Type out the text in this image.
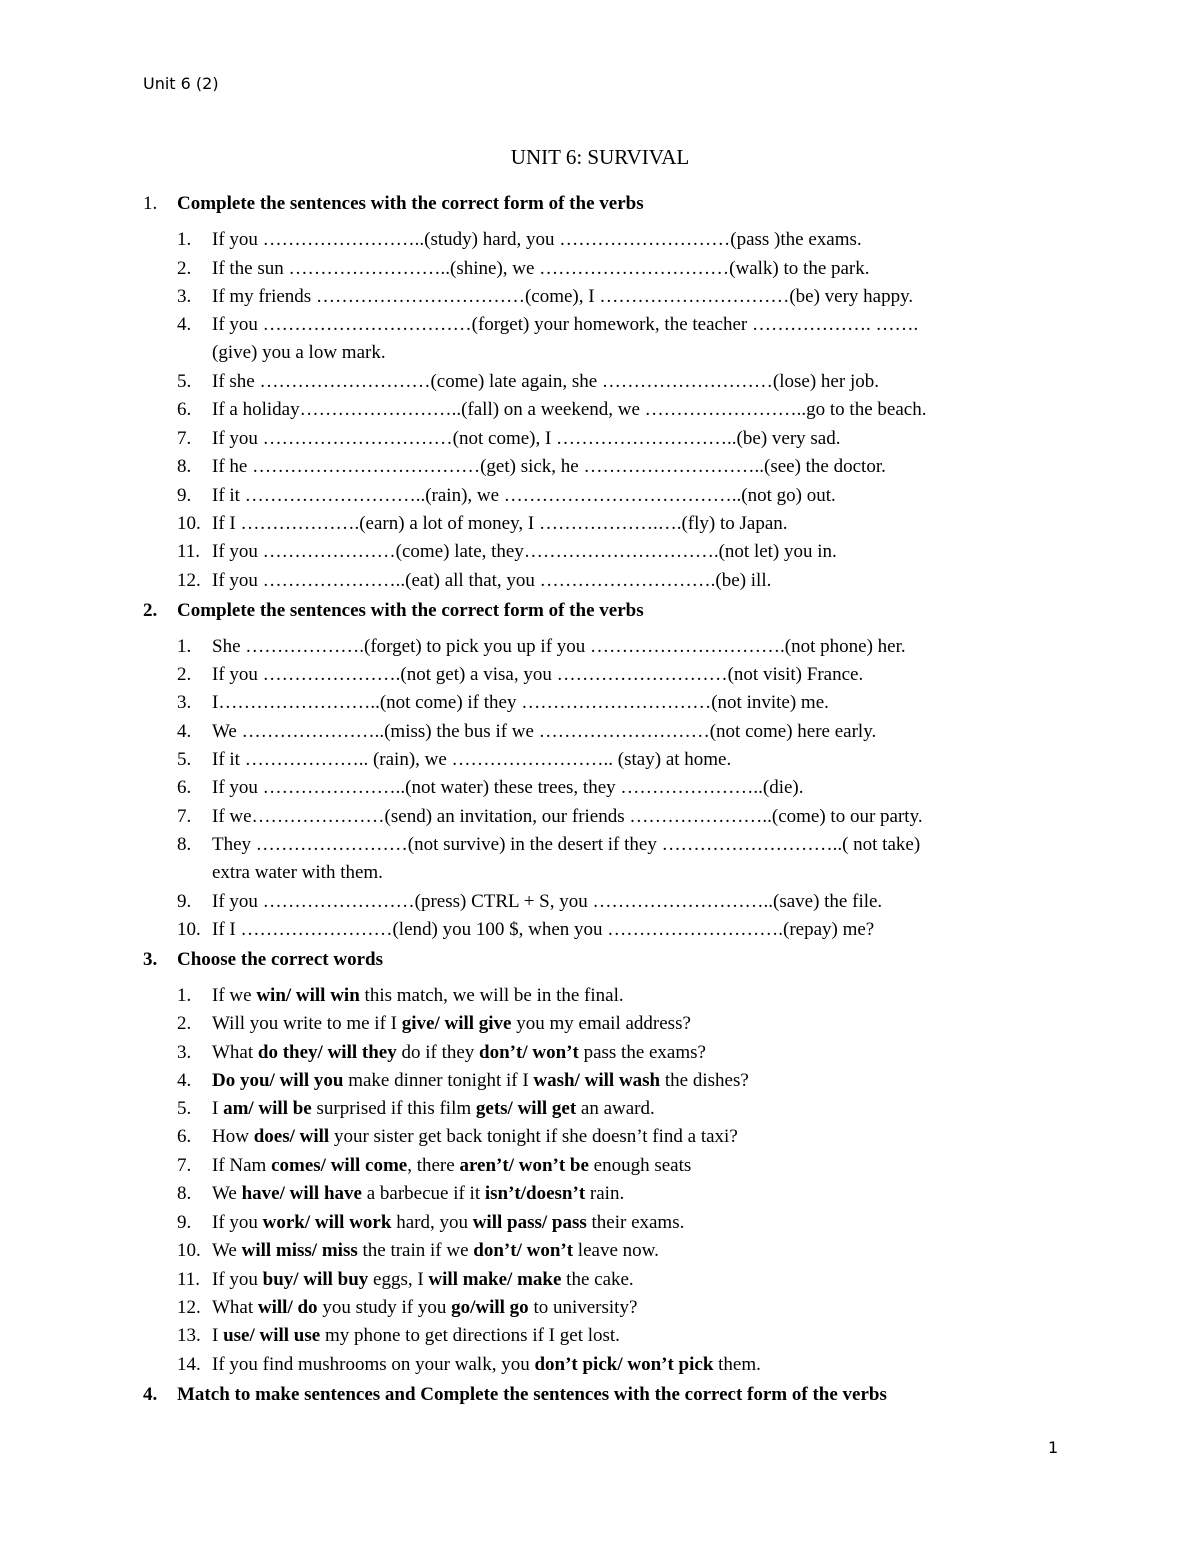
Unit 6 (2)
UNIT 6: SURVIVAL
1. Complete the sentences with the correct form of the verbs
1. If you ……………………..(study) hard, you ………………………(pass )the exams.
2. If the sun ……………………..(shine), we …………………………(walk) to the park.
3. If my friends ……………………………(come), I …………………………(be) very happy.
4. If you ……………………………(forget) your homework, the teacher ………………. …….
(give) you a low mark.
5. If she ………………………(come) late again, she ………………………(lose) her job.
6. If a holiday……………………..(fall) on a weekend, we ……………………..go to the beach.
7. If you …………………………(not come), I ………………………..(be) very sad.
8. If he ………………………………(get) sick, he ………………………..(see) the doctor.
9. If it ………………………..(rain), we ………………………………..(not go) out.
10. If I ……………….(earn) a lot of money, I ……………….….(fly) to Japan.
11. If you …………………(come) late, they………………………….(not let) you in.
12. If you …………………..(eat) all that, you ……………………….(be) ill.
2. Complete the sentences with the correct form of the verbs
1. She ……………….(forget) to pick you up if you ………………………….(not phone) her.
2. If you ………………….(not get) a visa, you ………………………(not visit) France.
3. I……………………..(not come) if they …………………………(not invite) me.
4. We …………………..(miss) the bus if we ………………………(not come) here early.
5. If it ……………….. (rain), we …………………….. (stay) at home.
6. If you …………………..(not water) these trees, they …………………..(die).
7. If we…………………(send) an invitation, our friends …………………..(come) to our party.
8. They ……………………(not survive) in the desert if they ………………………..( not take)
extra water with them.
9. If you ……………………(press) CTRL + S, you ………………………..(save) the file.
10. If I ……………………(lend) you 100 $, when you ……………………….(repay) me?
3. Choose the correct words
1. If we win/ will win this match, we will be in the final.
2. Will you write to me if I give/ will give you my email address?
3. What do they/ will they do if they don’t/ won’t pass the exams?
4. Do you/ will you make dinner tonight if I wash/ will wash the dishes?
5. I am/ will be surprised if this film gets/ will get an award.
6. How does/ will your sister get back tonight if she doesn’t find a taxi?
7. If Nam comes/ will come, there aren’t/ won’t be enough seats
8. We have/ will have a barbecue if it isn’t/doesn’t rain.
9. If you work/ will work hard, you will pass/ pass their exams.
10. We will miss/ miss the train if we don’t/ won’t leave now.
11. If you buy/ will buy eggs, I will make/ make the cake.
12. What will/ do you study if you go/will go to university?
13. I use/ will use my phone to get directions if I get lost.
14. If you find mushrooms on your walk, you don’t pick/ won’t pick them.
4. Match to make sentences and Complete the sentences with the correct form of the verbs
1
